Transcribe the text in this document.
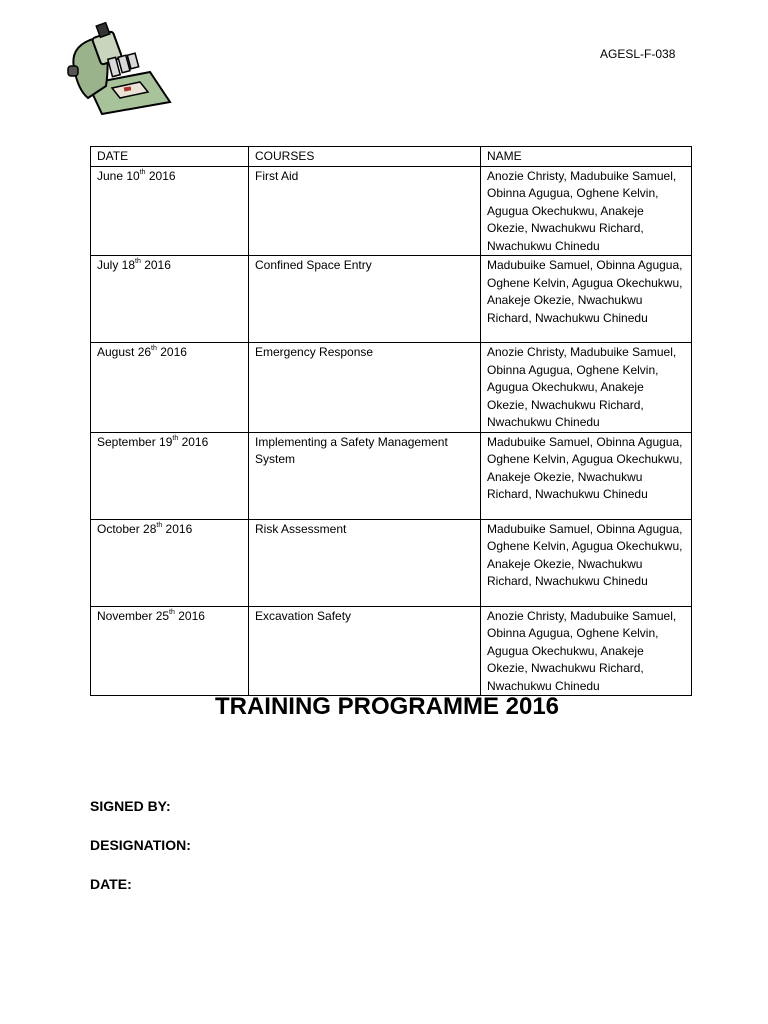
AGESL-F-038
DATE	COURSES	NAME
June 10th 2016	First Aid	Anozie Christy, Madubuike Samuel, Obinna Agugua, Oghene Kelvin, Agugua Okechukwu, Anakeje Okezie, Nwachukwu Richard, Nwachukwu Chinedu
July 18th 2016	Confined Space Entry	Madubuike Samuel, Obinna Agugua, Oghene Kelvin, Agugua Okechukwu, Anakeje Okezie, Nwachukwu Richard, Nwachukwu Chinedu
August 26th 2016	Emergency Response	Anozie Christy, Madubuike Samuel, Obinna Agugua, Oghene Kelvin, Agugua Okechukwu, Anakeje Okezie, Nwachukwu Richard, Nwachukwu Chinedu
September 19th 2016	Implementing a Safety Management System	Madubuike Samuel, Obinna Agugua, Oghene Kelvin, Agugua Okechukwu, Anakeje Okezie, Nwachukwu Richard, Nwachukwu Chinedu
October 28th 2016	Risk Assessment	Madubuike Samuel, Obinna Agugua, Oghene Kelvin, Agugua Okechukwu, Anakeje Okezie, Nwachukwu Richard, Nwachukwu Chinedu
November 25th 2016	Excavation Safety	Anozie Christy, Madubuike Samuel, Obinna Agugua, Oghene Kelvin, Agugua Okechukwu, Anakeje Okezie, Nwachukwu Richard, Nwachukwu Chinedu
TRAINING PROGRAMME 2016
SIGNED BY:
DESIGNATION:
DATE:
